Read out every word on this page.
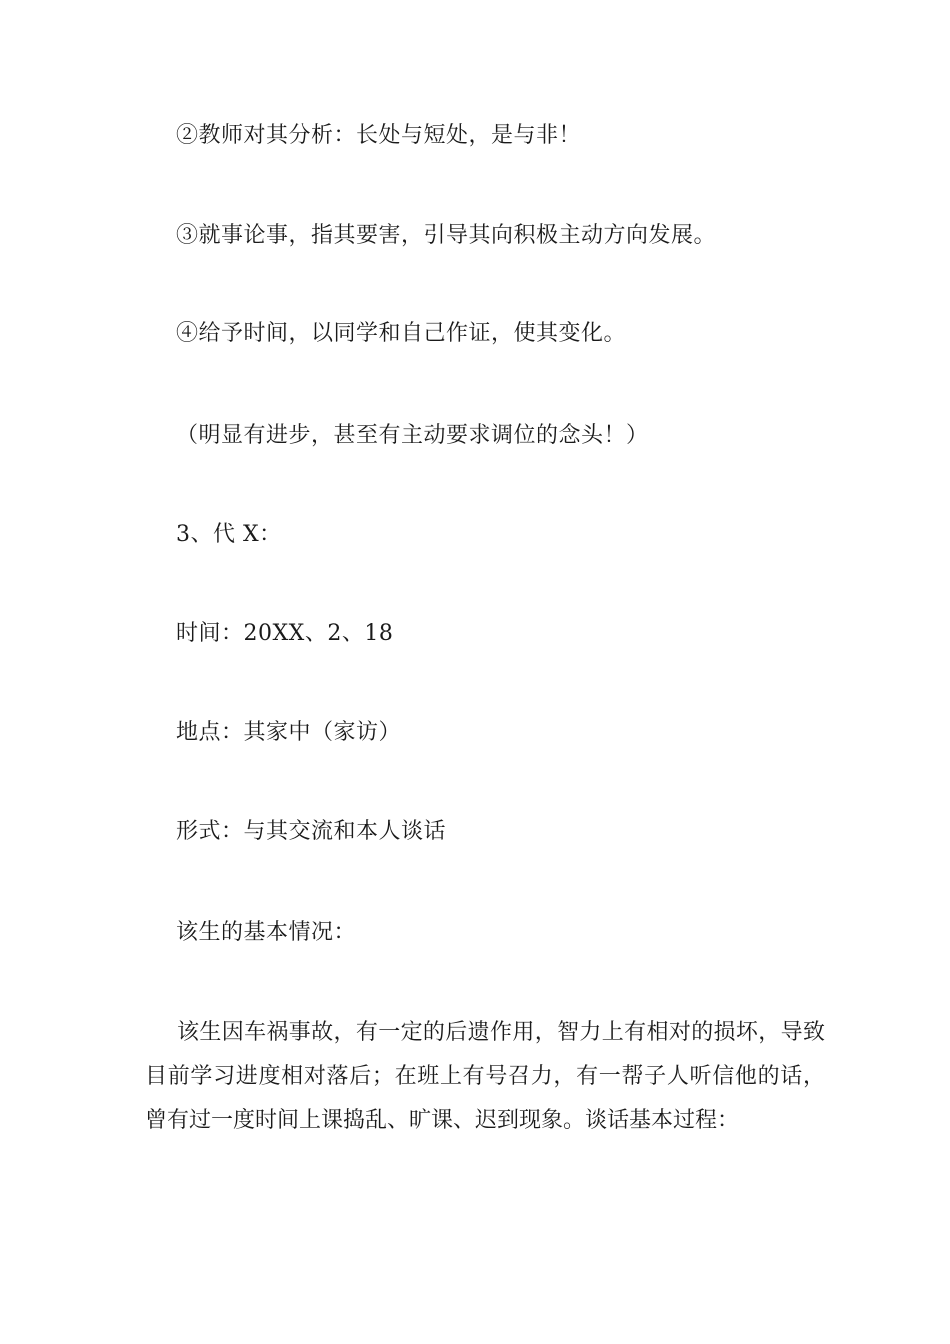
②教师对其分析：长处与短处，是与非！
③就事论事，指其要害，引导其向积极主动方向发展。
④给予时间，以同学和自己作证，使其变化。
（明显有进步，甚至有主动要求调位的念头！）
3、代 X：
时间：20XX、2、18
地点：其家中（家访）
形式：与其交流和本人谈话
该生的基本情况：
该生因车祸事故，有一定的后遗作用，智力上有相对的损坏，导致目前学习进度相对落后；在班上有号召力，有一帮子人听信他的话，曾有过一度时间上课捣乱、旷课、迟到现象。谈话基本过程：
